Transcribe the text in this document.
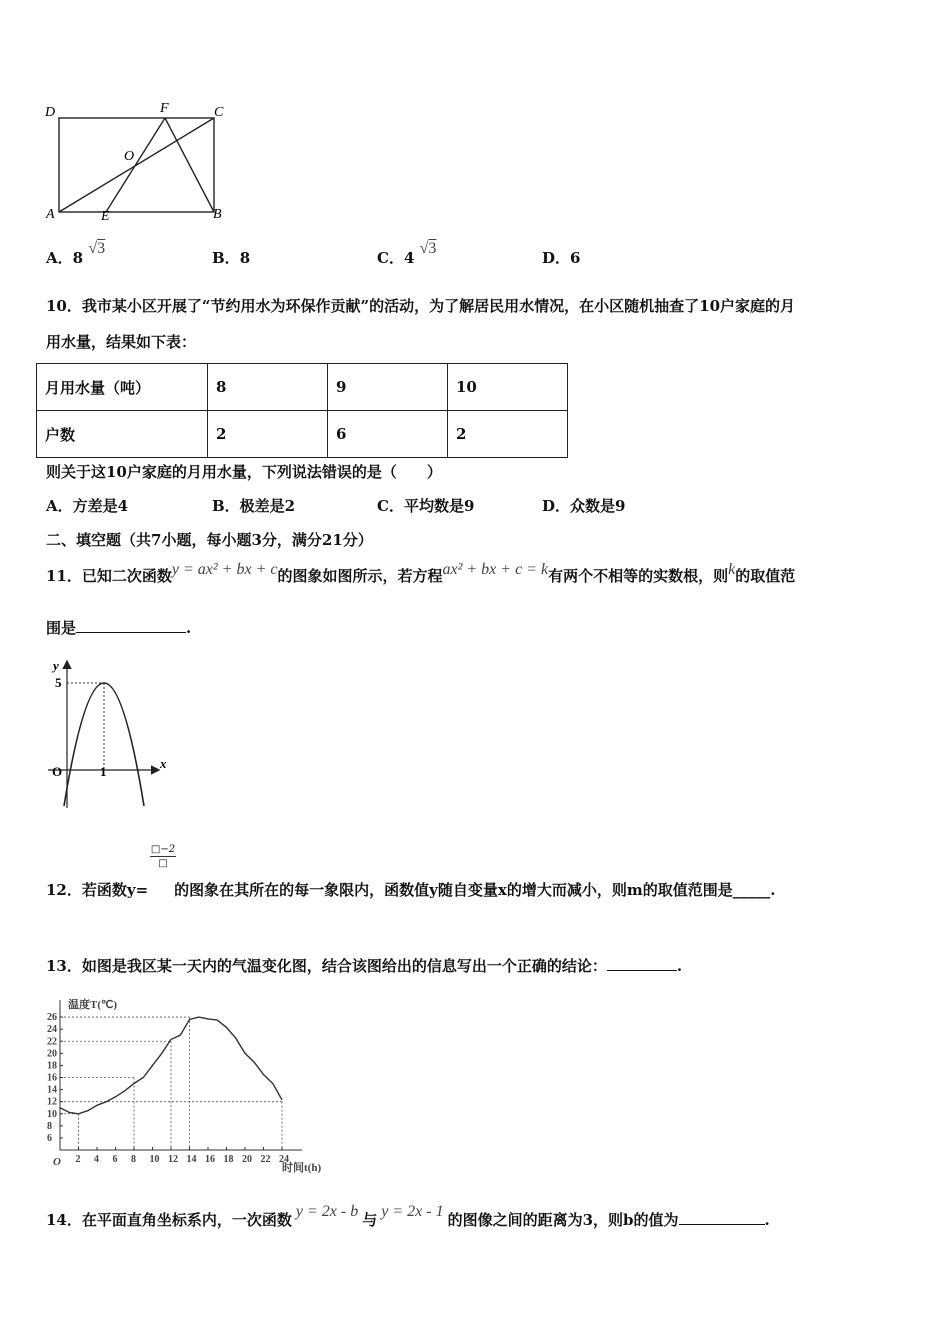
D	F	C
O
A	E	B
A．8 √3
B．8	C．4 √3
D．6
10．我市某小区开展了“节约用水为环保作贡献”的活动，为了解居民用水情况，在小区随机抽查了10户家庭的月
用水量，结果如下表：
月用水量（吨）	8	9	10
户数	2	6	2
则关于这10户家庭的月用水量，下列说法错误的是（　　）
A．方差是4	B．极差是2	C．平均数是9	D．众数是9
二、填空题（共7小题，每小题3分，满分21分）
11．已知二次函数y = ax² + bx + c的图象如图所示，若方程ax² + bx + c = k有两个不相等的实数根，则k的取值范
围是	.
y
x
5
O	1
□−2
□
12．若函数y= 的图象在其所在的每一象限内，函数值y随自变量x的增大而减小，则m的取值范围是_____.
13．如图是我区某一天内的气温变化图，结合该图给出的信息写出一个正确的结论：	.
2 4 6 8 10 12 14 16 18 20 22 24
6
8
10
12
14
16
18
20
22
24
26
温度T(℃)
时间t(h)
O
14．在平面直角坐标系内，一次函数 y = 2x - b 与 y = 2x - 1 的图像之间的距离为3，则b的值为	.
